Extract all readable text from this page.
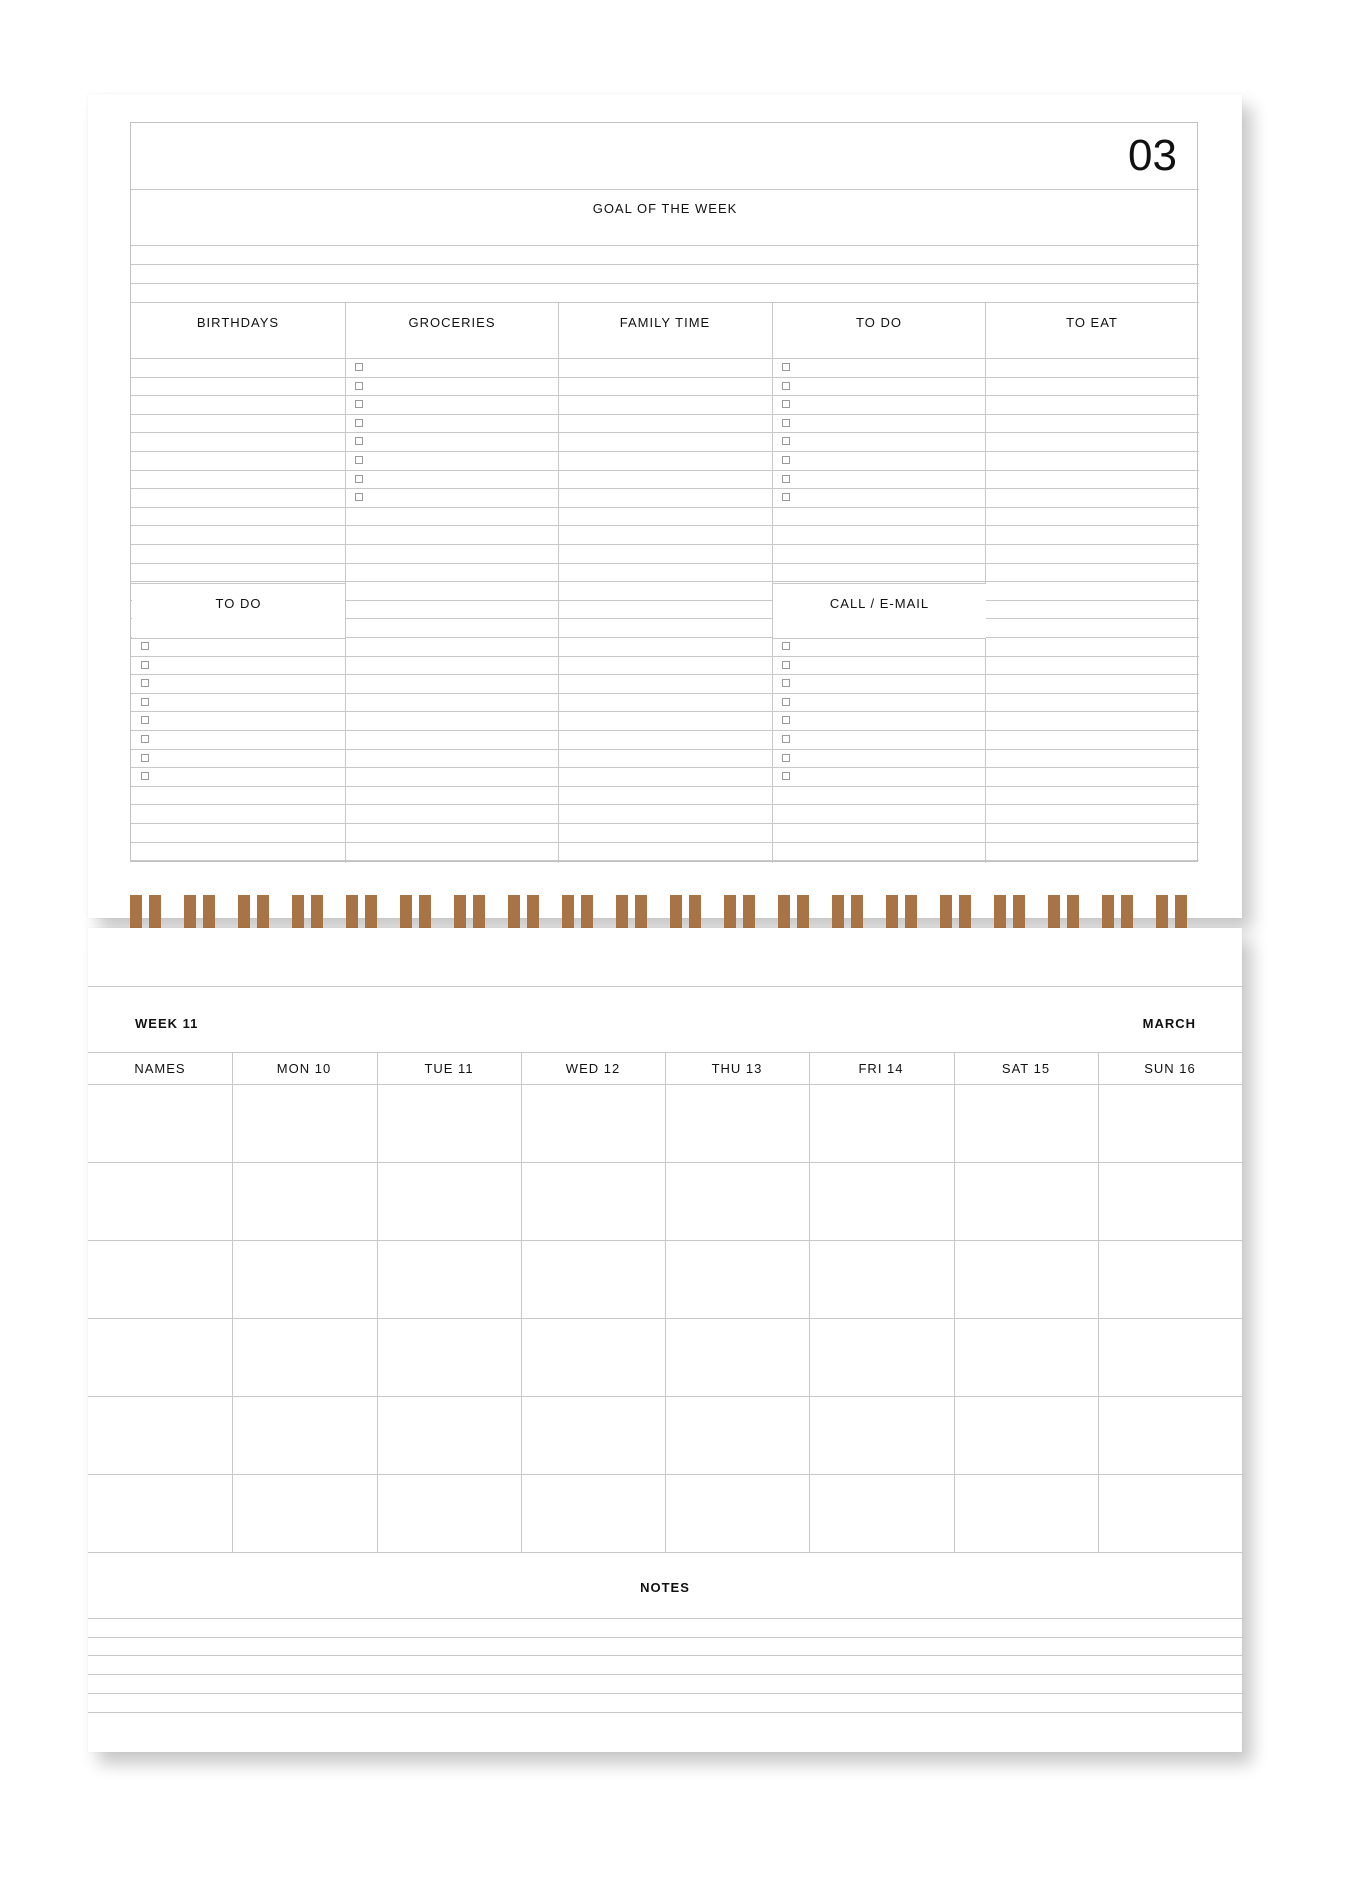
03
GOAL OF THE WEEK
BIRTHDAYS	GROCERIES	FAMILY TIME	TO DO	TO EAT
TO DO	CALL / E-MAIL
WEEK 11	MARCH
NAMES	MON 10	TUE 11	WED 12	THU 13	FRI 14	SAT 15	SUN 16
NOTES
